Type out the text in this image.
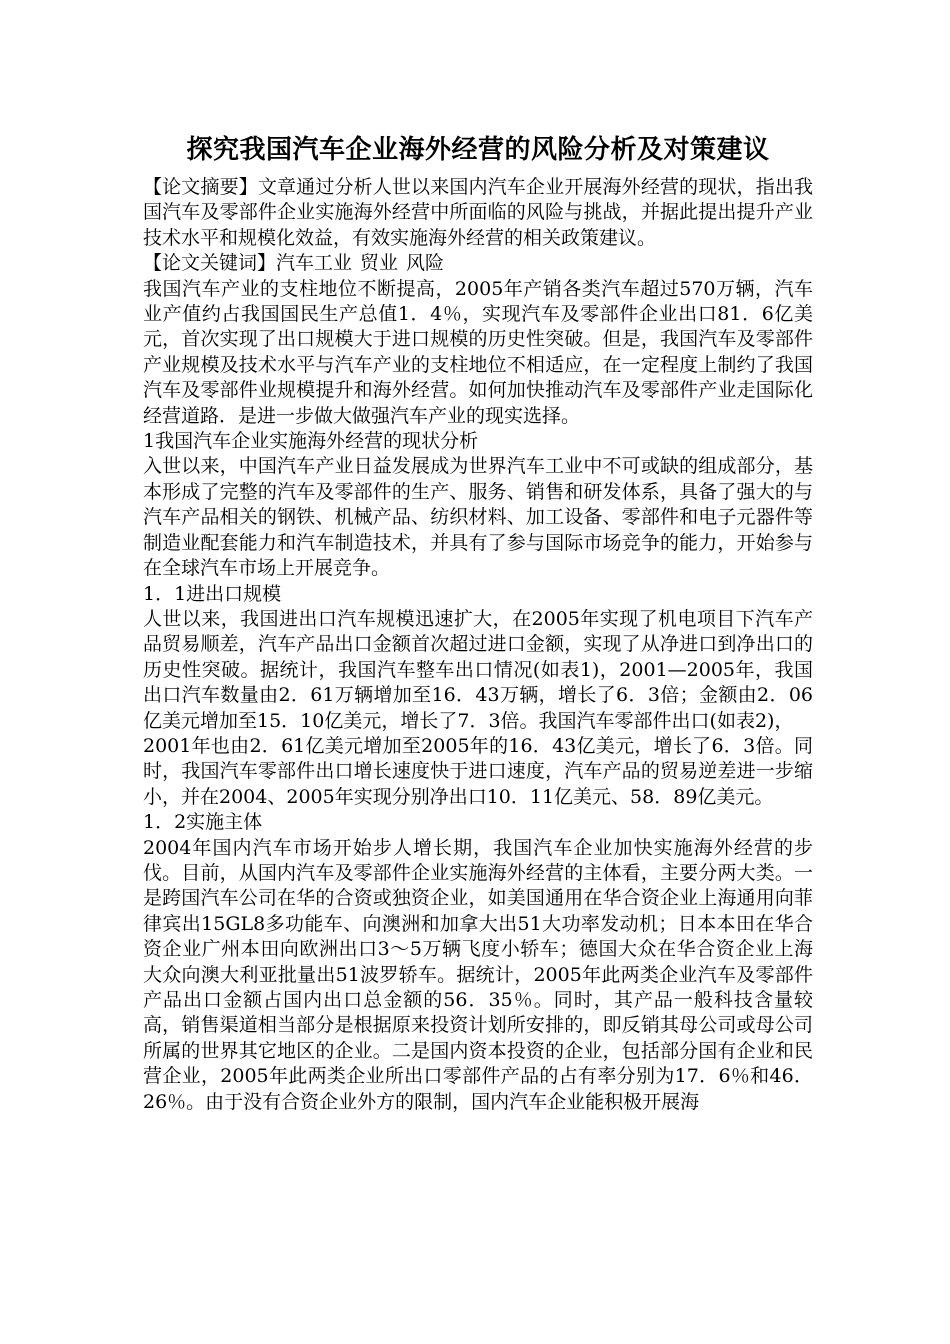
探究我国汽车企业海外经营的风险分析及对策建议

【论文摘要】文章通过分析人世以来国内汽车企业开展海外经营的现状，指出我国汽车及零部件企业实施海外经营中所面临的风险与挑战，并据此提出提升产业技术水平和规模化效益，有效实施海外经营的相关政策建议。

【论文关键词】汽车工业 贸业 风险

我国汽车产业的支柱地位不断提高，2005年产销各类汽车超过570万辆，汽车业产值约占我国国民生产总值1．4％，实现汽车及零部件企业出口81．6亿美元，首次实现了出口规模大于进口规模的历史性突破。但是，我国汽车及零部件产业规模及技术水平与汽车产业的支柱地位不相适应，在一定程度上制约了我国汽车及零部件业规模提升和海外经营。如何加快推动汽车及零部件产业走国际化经营道路．是进一步做大做强汽车产业的现实选择。

1我国汽车企业实施海外经营的现状分析

入世以来，中国汽车产业日益发展成为世界汽车工业中不可或缺的组成部分，基本形成了完整的汽车及零部件的生产、服务、销售和研发体系，具备了强大的与汽车产品相关的钢铁、机械产品、纺织材料、加工设备、零部件和电子元器件等制造业配套能力和汽车制造技术，并具有了参与国际市场竞争的能力，开始参与在全球汽车市场上开展竞争。

1．1进出口规模

人世以来，我国进出口汽车规模迅速扩大，在2005年实现了机电项目下汽车产品贸易顺差，汽车产品出口金额首次超过进口金额，实现了从净进口到净出口的历史性突破。据统计，我国汽车整车出口情况(如表1)，2001—2005年，我国出口汽车数量由2．61万辆增加至16．43万辆，增长了6．3倍；金额由2．06亿美元增加至15．10亿美元，增长了7．3倍。我国汽车零部件出口(如表2)，

2001年也由2．61亿美元增加至2005年的16．43亿美元，增长了6．3倍。同时，我国汽车零部件出口增长速度快于进口速度，汽车产品的贸易逆差进一步缩小，并在2004、2005年实现分别净出口10．11亿美元、58．89亿美元。

1．2实施主体

2004年国内汽车市场开始步人增长期，我国汽车企业加快实施海外经营的步伐。目前，从国内汽车及零部件企业实施海外经营的主体看，主要分两大类。一是跨国汽车公司在华的合资或独资企业，如美国通用在华合资企业上海通用向菲律宾出15GL8多功能车、向澳洲和加拿大出51大功率发动机；日本本田在华合资企业广州本田向欧洲出口3～5万辆飞度小轿车；德国大众在华合资企业上海大众向澳大利亚批量出51波罗轿车。据统计，2005年此两类企业汽车及零部件产品出口金额占国内出口总金额的56．35％。同时，其产品一般科技含量较高，销售渠道相当部分是根据原来投资计划所安排的，即反销其母公司或母公司所属的世界其它地区的企业。二是国内资本投资的企业，包括部分国有企业和民营企业，2005年此两类企业所出口零部件产品的占有率分别为17．6％和46．26％。由于没有合资企业外方的限制，国内汽车企业能积极开展海
